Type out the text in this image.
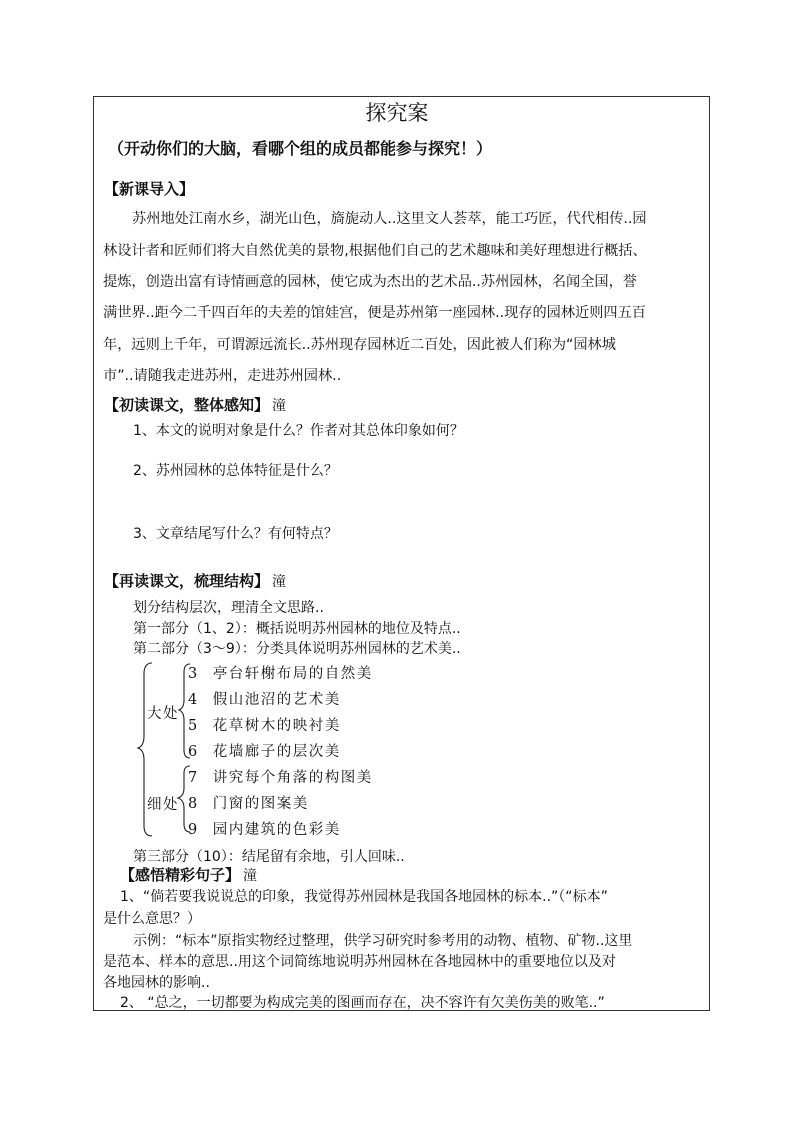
探究案
（开动你们的大脑，看哪个组的成员都能参与探究！）
【新课导入】
苏州地处江南水乡，湖光山色，旖旎动人..这里文人荟萃，能工巧匠，代代相传..园
林设计者和匠师们将大自然优美的景物,根据他们自己的艺术趣味和美好理想进行概括、
提炼，创造出富有诗情画意的园林，使它成为杰出的艺术品..苏州园林，名闻全国，誉
满世界..距今二千四百年的夫差的馆娃宫，便是苏州第一座园林..现存的园林近则四五百
年，远则上千年，可谓源远流长..苏州现存园林近二百处，因此被人们称为“园林城
市”..请随我走进苏州，走进苏州园林..
【初读课文，整体感知】 潼
1、本文的说明对象是什么？作者对其总体印象如何？
2、苏州园林的总体特征是什么？
3、文章结尾写什么？有何特点？
【再读课文，梳理结构】 潼
划分结构层次，理清全文思路..
第一部分（1、2）：概括说明苏州园林的地位及特点..
第二部分（3～9）：分类具体说明苏州园林的艺术美..
大处
细处
3 亭台轩榭布局的自然美
4 假山池沼的艺术美
5 花草树木的映衬美
6 花墙廊子的层次美
7 讲究每个角落的构图美
8 门窗的图案美
9 园内建筑的色彩美
第三部分（10）：结尾留有余地，引人回味..
【感悟精彩句子】 潼
1、“倘若要我说说总的印象，我觉得苏州园林是我国各地园林的标本..”（“标本”
是什么意思？）
示例：“标本”原指实物经过整理，供学习研究时参考用的动物、植物、矿物..这里
是范本、样本的意思..用这个词简练地说明苏州园林在各地园林中的重要地位以及对
各地园林的影响..
2、 “总之，一切都要为构成完美的图画而存在，决不容许有欠美伤美的败笔..”
